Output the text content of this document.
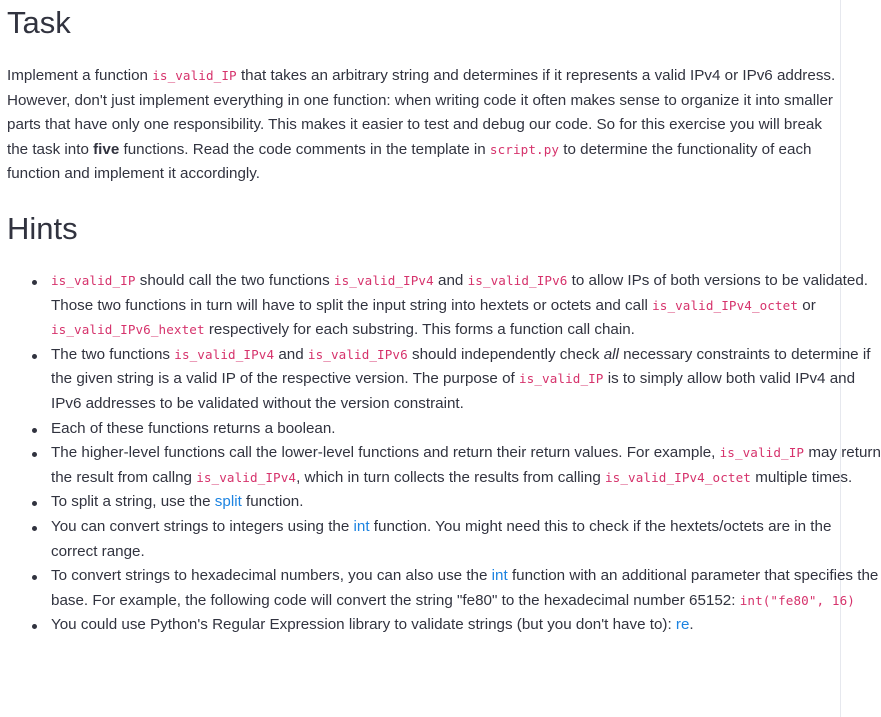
Task

Implement a function is_valid_IP that takes an arbitrary string and determines if it represents a valid IPv4 or IPv6 address. However, don't just implement everything in one function: when writing code it often makes sense to organize it into smaller parts that have only one responsibility. This makes it easier to test and debug our code. So for this exercise you will break the task into five functions. Read the code comments in the template in script.py to determine the functionality of each function and implement it accordingly.

Hints
is_valid_IP should call the two functions is_valid_IPv4 and is_valid_IPv6 to allow IPs of both versions to be validated. Those two functions in turn will have to split the input string into hextets or octets and call is_valid_IPv4_octet or is_valid_IPv6_hextet respectively for each substring. This forms a function call chain.
The two functions is_valid_IPv4 and is_valid_IPv6 should independently check all necessary constraints to determine if the given string is a valid IP of the respective version. The purpose of is_valid_IP is to simply allow both valid IPv4 and IPv6 addresses to be validated without the version constraint.
Each of these functions returns a boolean.
The higher-level functions call the lower-level functions and return their return values. For example, is_valid_IP may return the result from callng is_valid_IPv4, which in turn collects the results from calling is_valid_IPv4_octet multiple times.
To split a string, use the split function.
You can convert strings to integers using the int function. You might need this to check if the hextets/octets are in the correct range.
To convert strings to hexadecimal numbers, you can also use the int function with an additional parameter that specifies the base. For example, the following code will convert the string "fe80" to the hexadecimal number 65152: int("fe80", 16)
You could use Python's Regular Expression library to validate strings (but you don't have to): re.
